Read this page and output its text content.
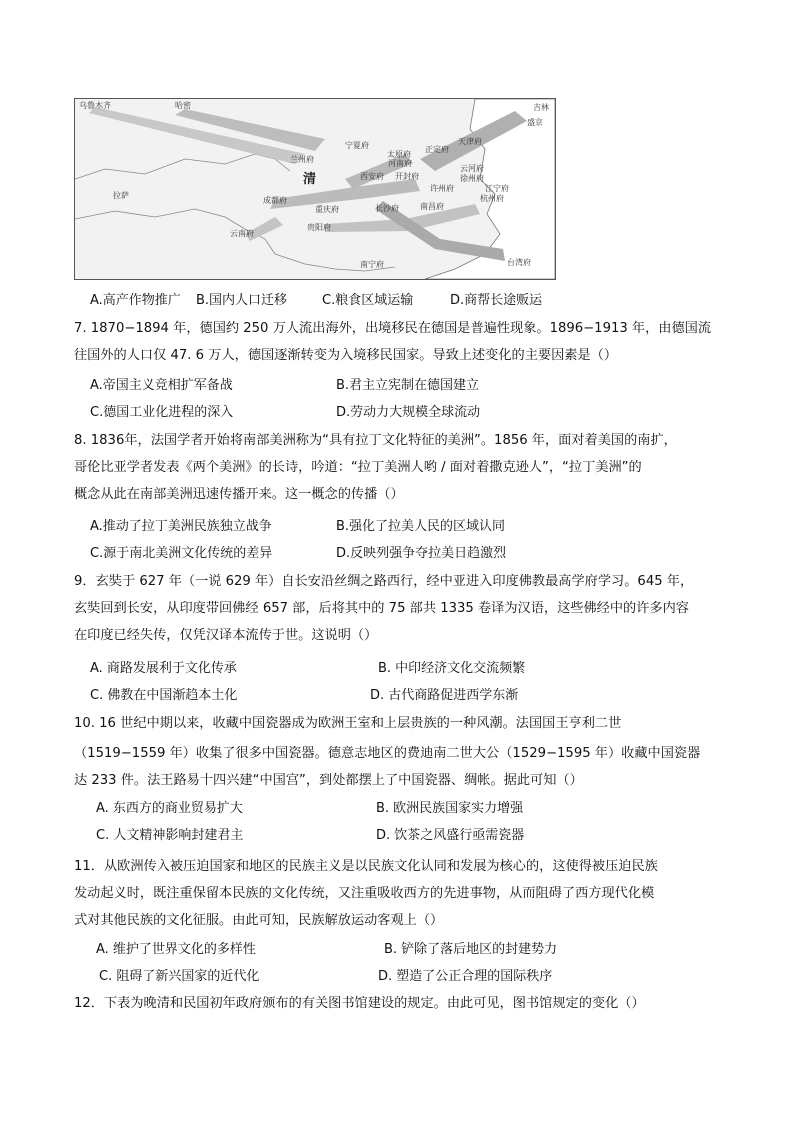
乌鲁木齐	哈密	吉林
盛京
宁夏府
太原府
正定府
天津府
兰州府	河南府
清	西安府 开封府
云河府
徐州府
拉萨
成都府
重庆府
许州府	江宁府
杭州府
长沙府	南昌府
云南府
贵阳府
南宁府	台湾府
A.高产作物推广 B.国内人口迁移	C.粮食区域运输	D.商帮长途贩运
7. 1870−1894 年，德国约 250 万人流出海外，出境移民在德国是普遍性现象。1896−1913 年，由德国流
往国外的人口仅 47. 6 万人，德国逐渐转变为入境移民国家。导致上述变化的主要因素是（）
A.帝国主义竞相扩军备战	B.君主立宪制在德国建立
C.德国工业化进程的深入	D.劳动力大规模全球流动
8. 1836年，法国学者开始将南部美洲称为“具有拉丁文化特征的美洲”。1856 年，面对着美国的南扩，
哥伦比亚学者发表《两个美洲》的长诗，吟道：“拉丁美洲人哟 / 面对着撒克逊人”，“拉丁美洲”的
概念从此在南部美洲迅速传播开来。这一概念的传播（）
A.推动了拉丁美洲民族独立战争	B.强化了拉美人民的区域认同
C.源于南北美洲文化传统的差异	D.反映列强争夺拉美日趋激烈
9．玄奘于 627 年（一说 629 年）自长安沿丝绸之路西行，经中亚进入印度佛教最高学府学习。645 年，
玄奘回到长安，从印度带回佛经 657 部，后将其中的 75 部共 1335 卷译为汉语，这些佛经中的许多内容
在印度已经失传，仅凭汉译本流传于世。这说明（）
A. 商路发展利于文化传承	B. 中印经济文化交流频繁
C. 佛教在中国渐趋本土化	D. 古代商路促进西学东渐
10. 16 世纪中期以来，收藏中国瓷器成为欧洲王室和上层贵族的一种风潮。法国国王亨利二世
（1519−1559 年）收集了很多中国瓷器。德意志地区的费迪南二世大公（1529−1595 年）收藏中国瓷器
达 233 件。法王路易十四兴建“中国宫”，到处都摆上了中国瓷器、绸帐。据此可知（）
A. 东西方的商业贸易扩大	B. 欧洲民族国家实力增强
C. 人文精神影响封建君主	D. 饮茶之风盛行亟需瓷器
11．从欧洲传入被压迫国家和地区的民族主义是以民族文化认同和发展为核心的，这使得被压迫民族
发动起义时，既注重保留本民族的文化传统，又注重吸收西方的先进事物，从而阻碍了西方现代化模
式对其他民族的文化征服。由此可知，民族解放运动客观上（）
A. 维护了世界文化的多样性	B. 铲除了落后地区的封建势力
C. 阻碍了新兴国家的近代化	D. 塑造了公正合理的国际秩序
12．下表为晚清和民国初年政府颁布的有关图书馆建设的规定。由此可见，图书馆规定的变化（）
